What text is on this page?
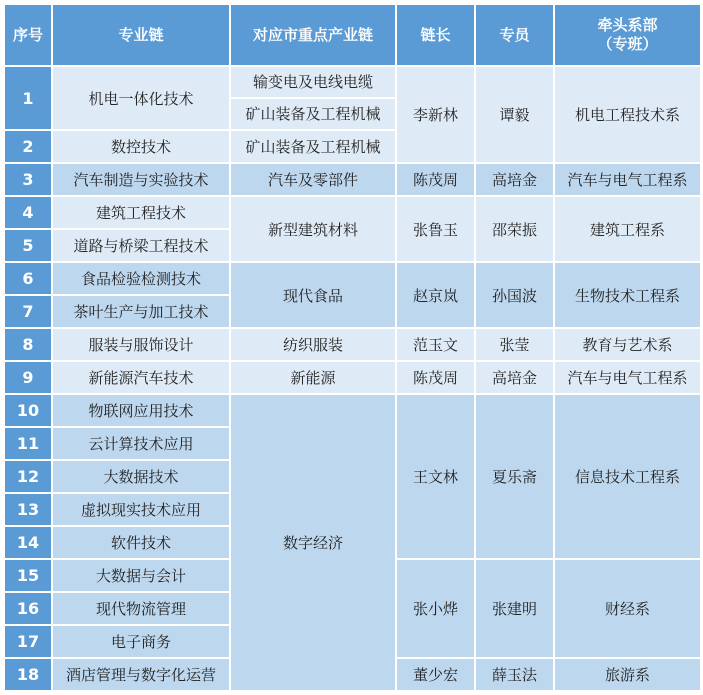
序号	专业链	对应市重点产业链	链长	专员	牵头系部
（专班）

1	机电一体化技术	输变电及电线电缆
矿山装备及工程机械	李新林	谭毅	机电工程技术系
2	数控技术	矿山装备及工程机械			
3	汽车制造与实验技术	汽车及零部件	陈茂周	高培金	汽车与电气工程系
4	建筑工程技术	新型建筑材料	张鲁玉	邵荣振	建筑工程系
5	道路与桥梁工程技术				
6	食品检验检测技术	现代食品	赵京岚	孙国波	生物技术工程系
7	茶叶生产与加工技术				
8	服装与服饰设计	纺织服装	范玉文	张莹	教育与艺术系
9	新能源汽车技术	新能源	陈茂周	高培金	汽车与电气工程系
10	物联网应用技术	数字经济	王文林	夏乐斋	信息技术工程系
11	云计算技术应用				
12	大数据技术				
13	虚拟现实技术应用				
14	软件技术				
15	大数据与会计		张小烨	张建明	财经系
16	现代物流管理				
17	电子商务				
18	酒店管理与数字化运营		董少宏	薛玉法	旅游系
